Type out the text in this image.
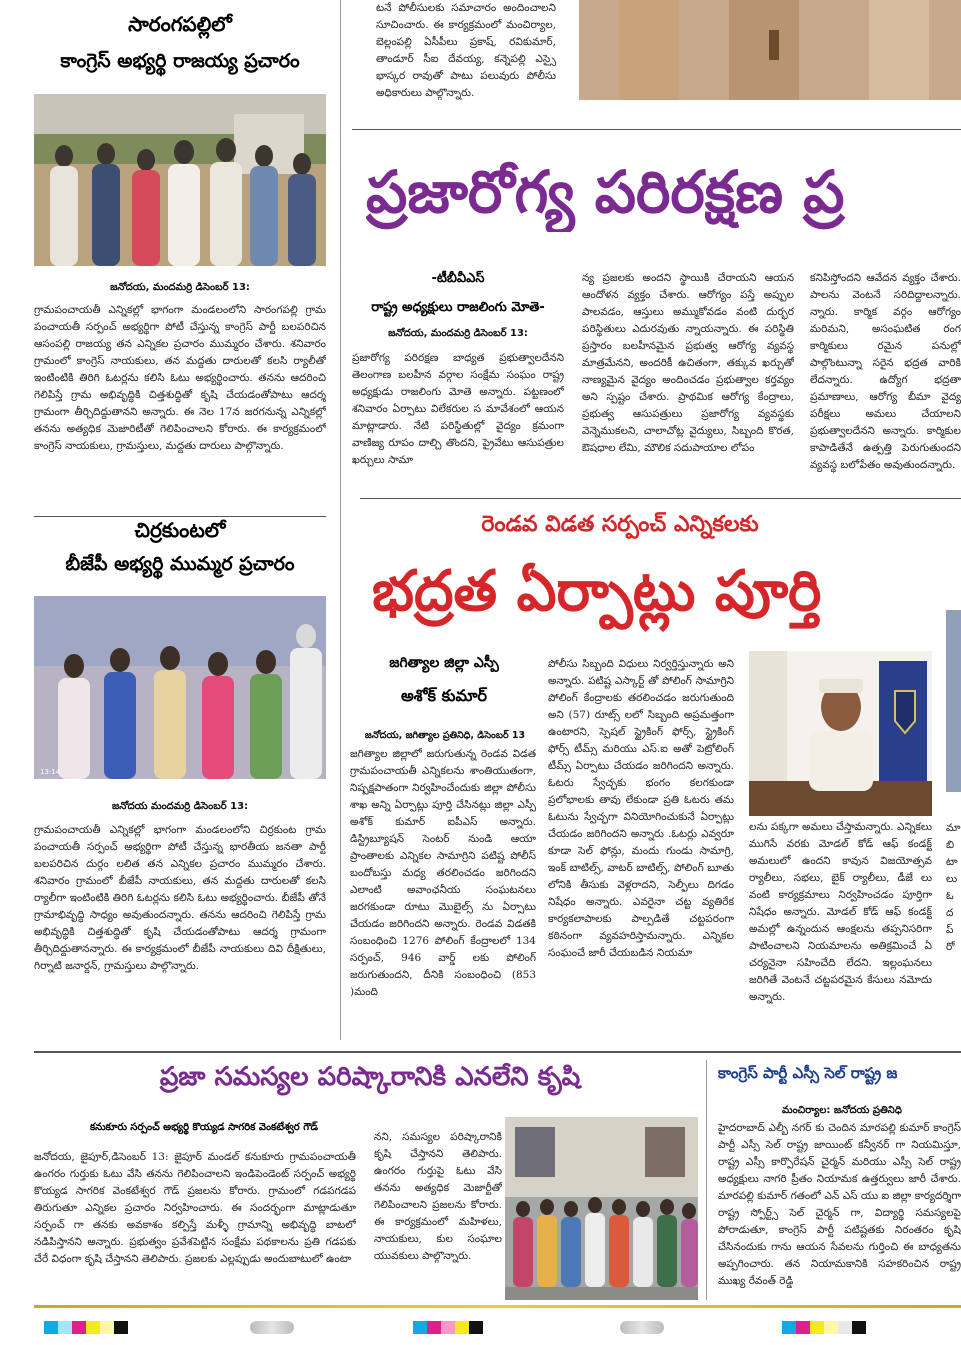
సారంగపల్లిలో
కాంగ్రెస్ అభ్యర్థి రాజయ్య ప్రచారం
జనోదయ, మందమర్రి డిసెంబర్ 13:
గ్రామపంచాయతీ ఎన్నికల్లో భాగంగా మండలంలోని సారంగపల్లి గ్రామ పంచాయతీ సర్పంచ్ అభ్యర్థిగా పోటీ చేస్తున్న కాంగ్రెస్ పార్టీ బలపరిచిన ఆసంపల్లి రాజయ్య తన ఎన్నికల ప్రచారం ముమ్మరం చేశారు. శనివారం గ్రామంలో కాంగ్రెస్ నాయకులు, తన మద్దతు దారులతో కలసి ర్యాలీతో ఇంటింటికి తిరిగి ఓటర్లను కలిసి ఓటు అభ్యర్థించారు. తనను ఆదరించి గెలిపిస్తే గ్రామ అభివృద్ధికి చిత్తశుద్ధితో కృషి చేయడంతోపాటు ఆదర్శ గ్రామంగా తీర్చిదిద్దుతానని అన్నారు. ఈ నెల 17న జరగనున్న ఎన్నికల్లో తనను అత్యధిక మెజారిటీతో గెలిపించాలని కోరారు. ఈ కార్యక్రమంలో కాంగ్రెస్ నాయకులు, గ్రామస్తులు, మద్దతు దారులు పాల్గొన్నారు.
టనే పోలీసులకు సమాచారం అందించాలని సూచించారు. ఈ కార్యక్రమంలో మంచిర్యాల, బెల్లంపల్లి ఏసీపీలు ప్రకాష్, రవికుమార్, తాండూర్ సీఐ దేవయ్య, కన్నెపల్లి ఎస్సై భాస్కర రావుతో పాటు పలువురు పోలీసు అధికారులు పాల్గొన్నారు.
ప్రజారోగ్య పరిరక్షణ ప్ర
-టీబీవీఎస్
రాష్ట్ర అధ్యక్షులు రాజలింగు మోతె-
జనోదయ, మందమర్రి డిసెంబర్ 13:
ప్రజారోగ్య పరిరక్షణ బాధ్యత ప్రభుత్వాలదేనని తెలంగాణ బలహీన వర్గాల సంక్షేమ సంఘం రాష్ట్ర అధ్యక్షుడు రాజలింగు మోతె అన్నారు. పట్టణంలో శనివారం ఏర్పాటు విలేకరుల స మావేశంలో ఆయన మాట్లాడారు. నేటి పరిస్థితుల్లో వైద్యం క్రమంగా వాణిజ్య రూపం దాల్చి తొందని, ప్రైవేటు ఆసుపత్రుల ఖర్చులు సామా
న్య ప్రజలకు అందని స్థాయికి చేరాయని ఆయన ఆందోళన వ్యక్తం చేశారు. ఆరోగ్యం పస్తే అప్పుల పాలవడం, ఆస్తులు అమ్ముకోవడం వంటి దుర్భర పరిస్థితులు ఎదురవుతు న్నాయన్నారు. ఈ పరిస్థితి ప్రస్తారం బలహీనమైన ప్రభుత్వ ఆరోగ్య వ్యవస్థ మాత్రమేనని, అందరికీ ఉచితంగా, తక్కువ ఖర్చుతో నాణ్యమైన వైద్యం అందించడం ప్రభుత్వాల కర్తవ్యం అని స్పష్టం చేశారు. ప్రాథమిక ఆరోగ్య కేంద్రాలు, ప్రభుత్వ ఆసుపత్రులు ప్రజారోగ్య వ్యవస్థకు వెన్నెముకలని, చాలాచోట్ల వైద్యులు, సిబ్బంది కొరత, ఔషధాల లేమి, మౌలిక సదుపాయాల లోపం
కనిపిస్తోందని ఆవేదన వ్యక్తం చేశారు. పాలను వెంటనే సరిదిద్దాలన్నారు. న్నారు. కార్మిక వర్గం ఆరోగ్యం మరిమని, అసంఘటిత రంగ కార్మికులు రమైన పనుల్లో పాల్గొంటున్నా సరైన భద్రత వారికి లేదన్నారు. ఉద్యోగ భద్రతా ప్రమాణాలు, ఆరోగ్య బీమా వైద్య పరీక్షలు అమలు చేయాలని ప్రభుత్వాలదేనని అన్నారు. కార్మికుల కాపాడితేనే ఉత్పత్తి పెరుగుతుందని వ్యవస్థ బలోపేతం అవుతుందన్నారు.
చిర్రకుంటలో
బీజేపీ అభ్యర్థి ముమ్మర ప్రచారం
13:14
జనోదయ మందమర్రి డిసెంబర్ 13:
గ్రామపంచాయతీ ఎన్నికల్లో భాగంగా మండలంలోని చిర్రకుంట గ్రామ పంచాయతీ సర్పంచ్ అభ్యర్థిగా పోటీ చేస్తున్న భారతీయ జనతా పార్టీ బలపరిచిన దుర్గం లలిత తన ఎన్నికల ప్రచారం ముమ్మరం చేశారు. శనివారం గ్రామంలో బీజేపీ నాయకులు, తన మద్దతు దారులతో కలసి ర్యాలీగా ఇంటింటికి తిరిగి ఓటర్లను కలిసి ఓటు అభ్యర్థించారు. బీజేపీ తోనే గ్రామాభివృద్ధి సాధ్యం అవుతుందన్నారు. తనను ఆదరించి గెలిపిస్తే గ్రామ అభివృద్ధికి చిత్తశుద్ధితో కృషి చేయడంతోపాటు ఆదర్శ గ్రామంగా తీర్చిదిద్దుతానన్నారు. ఈ కార్యక్రమంలో బీజేపీ నాయకులు దివి దీక్షితులు, గిర్నాటి జనార్దన్, గ్రామస్తులు పాల్గొన్నారు.
రెండవ విడత సర్పంచ్ ఎన్నికలకు
భద్రత ఏర్పాట్లు పూర్తి
జగిత్యాల జిల్లా ఎస్పీ
అశోక్ కుమార్
జనోదయ, జగిత్యాల ప్రతినిధి, డిసెంబర్ 13
జగిత్యాల జిల్లాలో జరుగుతున్న రెండవ విడత గ్రామపంచాయతీ ఎన్నికలను శాంతియుతంగా, నిష్పక్షపాతంగా నిర్వహించేందుకు జిల్లా పోలీసు శాఖ అన్ని ఏర్పాట్లు పూర్తి చేసినట్లు జిల్లా ఎస్పీ అశోక్ కుమార్ ఐపీఎస్ అన్నారు. డిస్ట్రిబ్యూషన్ సెంటర్ నుండి ఆయా ప్రాంతాలకు ఎన్నికల సామాగ్రిని పటిష్ట పోలీస్ బందోబస్తు మధ్య తరలించడం జరిగిందని ఎలాంటి అవాంఛనీయ సంఘటనలు జరగకుండా రూటు మొబైల్స్ ను ఏర్పాటు చేయడం జరిగిందని అన్నారు. రెండవ విడతకి సంబంధించి 1276 పోలింగ్ కేంద్రాలలో 134 సర్పంచ్, 946 వార్డ్ లకు పోలింగ్ జరుగుతుందని, దీనికి సంబంధించి (853 )మంది
పోలీసు సిబ్బంది విధులు నిర్వర్తిస్తున్నారు అని అన్నారు. పటిష్ట ఎస్కార్ట్ తో పోలింగ్ సామాగ్రిని పోలింగ్ కేంద్రాలకు తరలించడం జరుగుతుంది అని (57) రూట్స్ లలో సిబ్బంది అప్రమత్తంగా ఉంటారని, స్పెషల్ స్ట్రైకింగ్ ఫోర్స్, స్ట్రైకింగ్ ఫోర్స్ టీమ్స్ మరియు ఎస్.ఐ అతో పెట్రోలింగ్ టీమ్స్ ఏర్పాటు చేయడం జరిగిందని అన్నారు. ఓటరు స్వేచ్ఛకు భంగం కలగకుండా ప్రలోభాలకు తావు లేకుండా ప్రతి ఓటరు తమ ఓటును స్వేచ్ఛగా వినియోగించుకునే ఏర్పాట్లు చేయడం జరిగిందని అన్నారు .ఓటర్లు ఎవ్వరూ కూడా సెల్ ఫోన్లు, మందు గుండు సామాగ్రి, ఇంక్ బాటిల్స్, వాటర్ బాటిల్స్, పోలింగ్ బూతు లోనికి తీసుకు వెళ్లరాదని, సెల్ఫీలు దిగడం నిషేధం అన్నారు. ఎవరైనా చట్ట వ్యతిరేక కార్యకలాపాలకు పాల్పడితే చట్టపరంగా కఠినంగా వ్యవహరిస్తామన్నారు. ఎన్నికల సంఘంచే జారీ చేయబడిన నియమా
లను పక్కగా అమలు చేస్తామన్నారు. ఎన్నికలు ముగిసే వరకు మోడల్ కోడ్ ఆఫ్ కండక్ట్ అమలులో ఉందని కావున విజయోత్సవ ర్యాలీలు, సభలు, బైక్ ర్యాలీలు, డీజే లు వంటి కార్యక్రమాలు నిర్వహించడం పూర్తిగా నిషేధం అన్నారు. మోడల్ కోడ్ ఆఫ్ కండక్ట్ అమల్లో ఉన్నందున ఆంక్షలను తప్పనిసరిగా పాటించాలని నియమాలను అతిక్రమించే ఏ చర్యనైనా సహించేది లేదని. ఇల్లంఘనలు జరిగితే వెంటనే చట్టపరమైన కేసులు నమోదు అన్నారు.
మా బి టా లు ఓ ద ప్ రో
ప్రజా సమస్యల పరిష్కారానికి ఎనలేని కృషి
కనుకూరు సర్పంచ్ అభ్యర్థి కొయ్యడ సాగరిక వెంకటేశ్వర గౌడ్
జనోదయ, జైపూర్,డిసెంబర్ 13: జైపూర్ మండల్ కనుకూరు గ్రామపంచాయతీ ఉంగరం గుర్తుకు ఓటు వేసి తనను గెలిపించాలని ఇండిపెండెంట్ సర్పంచ్ అభ్యర్థి కొయ్యడ సాగరిక వెంకటేశ్వర గౌడ్ ప్రజలను కోరారు. గ్రామంలో గడపగడప తిరుగుతూ ఎన్నికల ప్రచారం నిర్వహించారు. ఈ సందర్భంగా మాట్లాడుతూ సర్పంచ్ గా తనకు అవకాశం కల్పిస్తే మళ్ళీ గ్రామాన్ని అభివృద్ధి బాటలో నడిపిస్తానని అన్నారు. ప్రభుత్వం ప్రవేశపెట్టిన సంక్షేమ పథకాలను ప్రతి గడపకు చేరే విధంగా కృషి చేస్తానని తెలిపారు. ప్రజలకు ఎల్లప్పుడు అందుబాటులో ఉంటా
నని, సమస్యల పరిష్కారానికి కృషి చేస్తానని తెలిపారు. ఉంగరం గుర్తుపై ఓటు వేసి తనను అత్యధిక మెజార్టీతో గెలిపించాలని ప్రజలను కోరారు. ఈ కార్యక్రమంలో మహిళలు, నాయకులు, కుల సంఘాల యువకులు పాల్గొన్నారు.
కాంగ్రెస్ పార్టీ ఎస్సీ సెల్ రాష్ట్ర జ
మంచిర్యాల: జనోదయ ప్రతినిధి
హైదరాబాద్ ఎల్బీ నగర్ కు చెందిన మారపల్లి కుమార్ కాంగ్రెస్ పార్టీ ఎస్సీ సెల్ రాష్ట్ర జాయింట్ కన్వీనర్ గా నియమిస్తూ, రాష్ట్ర ఎస్సీ కార్పొరేషన్ చైర్మన్ మరియు ఎస్సీ సెల్ రాష్ట్ర అధ్యక్షులు నాగరి ప్రీతం నియామక ఉత్తర్వులు జారీ చేశారు. మారపల్లి కుమార్ గతంలో ఎన్ ఎస్ యు ఐ జిల్లా కార్యదర్శిగా రాష్ట్ర స్పోర్ట్స్ సెల్ చైర్మన్ గా, విద్యార్థి సమస్యలపై పోరాడుతూ, కాంగ్రెస్ పార్టీ పటిష్టతకు నిరంతరం కృషి చేసినందుకు గాను ఆయన సేవలను గుర్తించి ఈ బాధ్యతను అప్పగించారు. తన నియామకానికి సహకరించిన రాష్ట్ర ముఖ్య రేవంత్ రెడ్డి
